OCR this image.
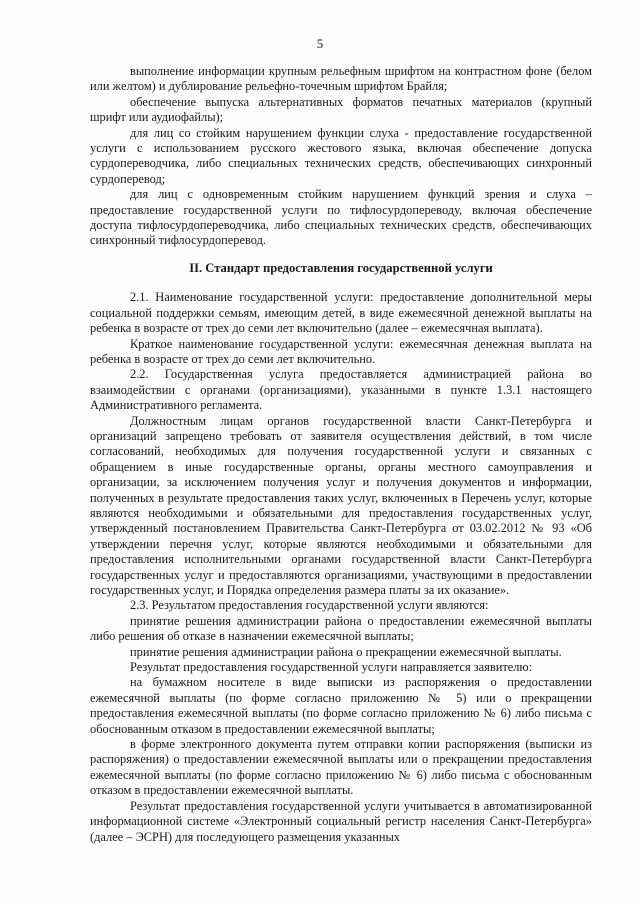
5

выполнение информации крупным рельефным шрифтом на контрастном фоне (белом или желтом) и дублирование рельефно-точечным шрифтом Брайля;

обеспечение выпуска альтернативных форматов печатных материалов (крупный шрифт или аудиофайлы);

для лиц со стойким нарушением функции слуха - предоставление государственной услуги с использованием русского жестового языка, включая обеспечение допуска сурдопереводчика, либо специальных технических средств, обеспечивающих синхронный сурдоперевод;

для лиц с одновременным стойким нарушением функций зрения и слуха – предоставление государственной услуги по тифлосурдопереводу, включая обеспечение доступа тифлосурдопереводчика, либо специальных технических средств, обеспечивающих синхронный тифлосурдоперевод.

II. Стандарт предоставления государственной услуги

2.1. Наименование государственной услуги: предоставление дополнительной меры социальной поддержки семьям, имеющим детей, в виде ежемесячной денежной выплаты на ребенка в возрасте от трех до семи лет включительно (далее – ежемесячная выплата).

Краткое наименование государственной услуги: ежемесячная денежная выплата на ребенка в возрасте от трех до семи лет включительно.

2.2. Государственная услуга предоставляется администрацией района во взаимодействии с органами (организациями), указанными в пункте 1.3.1 настоящего Административного регламента.

Должностным лицам органов государственной власти Санкт-Петербурга и организаций запрещено требовать от заявителя осуществления действий, в том числе согласований, необходимых для получения государственной услуги и связанных с обращением в иные государственные органы, органы местного самоуправления и организации, за исключением получения услуг и получения документов и информации, полученных в результате предоставления таких услуг, включенных в Перечень услуг, которые являются необходимыми и обязательными для предоставления государственных услуг, утвержденный постановлением Правительства Санкт-Петербурга от 03.02.2012 № 93 «Об утверждении перечня услуг, которые являются необходимыми и обязательными для предоставления исполнительными органами государственной власти Санкт-Петербурга государственных услуг и предоставляются организациями, участвующими в предоставлении государственных услуг, и Порядка определения размера платы за их оказание».

2.3. Результатом предоставления государственной услуги являются:

принятие решения администрации района о предоставлении ежемесячной выплаты либо решения об отказе в назначении ежемесячной выплаты;

принятие решения администрации района о прекращении ежемесячной выплаты.

Результат предоставления государственной услуги направляется заявителю:

на бумажном носителе в виде выписки из распоряжения о предоставлении ежемесячной выплаты (по форме согласно приложению № 5) или о прекращении предоставления ежемесячной выплаты (по форме согласно приложению № 6) либо письма с обоснованным отказом в предоставлении ежемесячной выплаты;

в форме электронного документа путем отправки копии распоряжения (выписки из распоряжения) о предоставлении ежемесячной выплаты или о прекращении предоставления ежемесячной выплаты (по форме согласно приложению № 6) либо письма с обоснованным отказом в предоставлении ежемесячной выплаты.

Результат предоставления государственной услуги учитывается в автоматизированной информационной системе «Электронный социальный регистр населения Санкт-Петербурга» (далее – ЭСРН) для последующего размещения указанных
